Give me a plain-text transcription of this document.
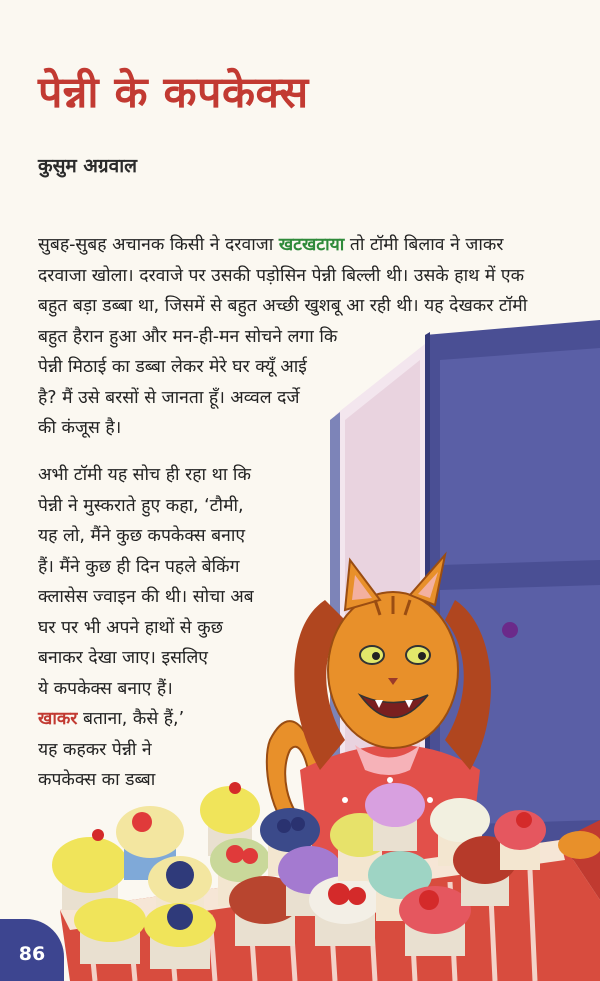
पेन्नी के कपकेक्स

कुसुम अग्रवाल

सुबह-सुबह अचानक किसी ने दरवाजा खटखटाया तो टॉमी बिलाव ने जाकर
दरवाजा खोला। दरवाजे पर उसकी पड़ोसिन पेन्नी बिल्ली थी। उसके हाथ में एक
बहुत बड़ा डब्बा था, जिसमें से बहुत अच्छी खुशबू आ रही थी। यह देखकर टॉमी
बहुत हैरान हुआ और मन-ही-मन सोचने लगा कि
पेन्नी मिठाई का डब्बा लेकर मेरे घर क्यूँ आई
है? मैं उसे बरसों से जानता हूँ। अव्वल दर्जे
की कंजूस है।

अभी टॉमी यह सोच ही रहा था कि
पेन्नी ने मुस्कराते हुए कहा, ‘टौमी,
यह लो, मैंने कुछ कपकेक्स बनाए
हैं। मैंने कुछ ही दिन पहले बेकिंग
क्लासेस ज्वाइन की थी। सोचा अब
घर पर भी अपने हाथों से कुछ
बनाकर देखा जाए। इसलिए
ये कपकेक्स बनाए हैं।
खाकर बताना, कैसे हैं,’
यह कहकर पेन्नी ने
कपकेक्स का डब्बा

86
